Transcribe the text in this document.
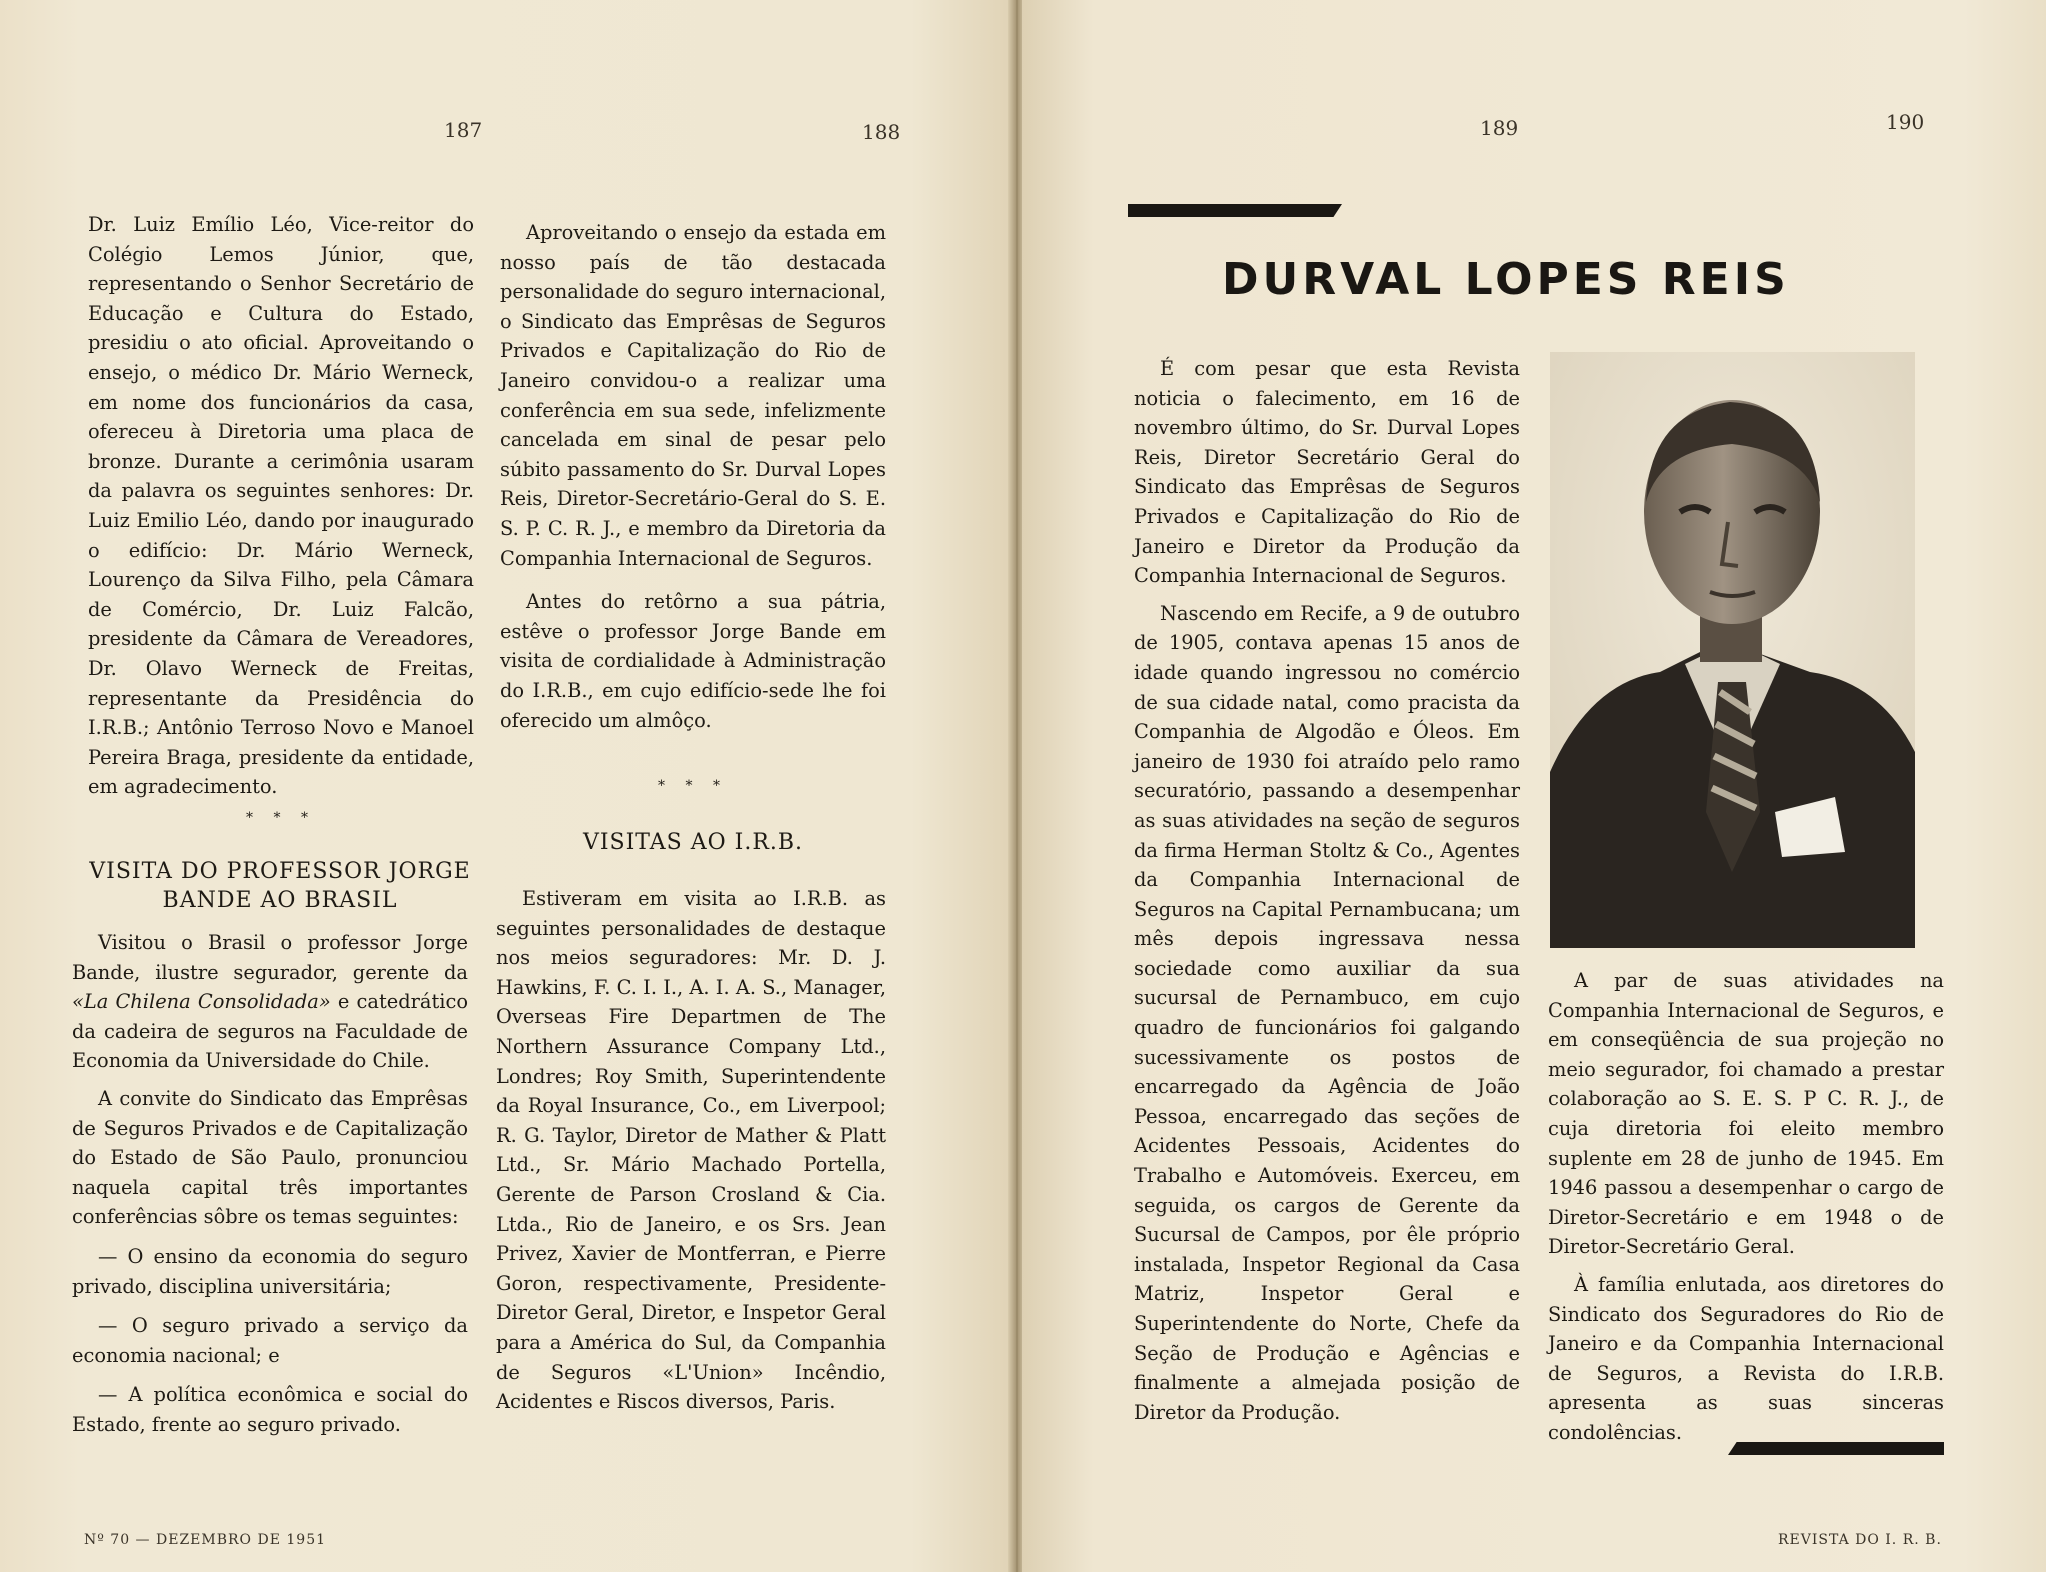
187	188

Dr. Luiz Emílio Léo, Vice-reitor do Colégio Lemos Júnior, que, representando o Senhor Secretário de Educação e Cultura do Estado, presidiu o ato oficial. Aproveitando o ensejo, o médico Dr. Mário Werneck, em nome dos funcionários da casa, ofereceu à Diretoria uma placa de bronze. Durante a cerimônia usaram da palavra os seguintes senhores: Dr. Luiz Emilio Léo, dando por inaugurado o edifício: Dr. Mário Werneck, Lourenço da Silva Filho, pela Câmara de Comércio, Dr. Luiz Falcão, presidente da Câmara de Vereadores, Dr. Olavo Werneck de Freitas, representante da Presidência do I.R.B.; Antônio Terroso Novo e Manoel Pereira Braga, presidente da entidade, em agradecimento.

* * *
VISITA DO PROFESSOR JORGE BANDE AO BRASIL

Visitou o Brasil o professor Jorge Bande, ilustre segurador, gerente da «La Chilena Consolidada» e catedrático da cadeira de seguros na Faculdade de Economia da Universidade do Chile.

A convite do Sindicato das Emprêsas de Seguros Privados e de Capitalização do Estado de São Paulo, pronunciou naquela capital três importantes conferências sôbre os temas seguintes:

— O ensino da economia do seguro privado, disciplina universitária;

— O seguro privado a serviço da economia nacional; e

— A política econômica e social do Estado, frente ao seguro privado.

Aproveitando o ensejo da estada em nosso país de tão destacada personalidade do seguro internacional, o Sindicato das Emprêsas de Seguros Privados e Capitalização do Rio de Janeiro convidou-o a realizar uma conferência em sua sede, infelizmente cancelada em sinal de pesar pelo súbito passamento do Sr. Durval Lopes Reis, Diretor-Secretário-Geral do S. E. S. P. C. R. J., e membro da Diretoria da Companhia Internacional de Seguros.

Antes do retôrno a sua pátria, estêve o professor Jorge Bande em visita de cordialidade à Administração do I.R.B., em cujo edifício-sede lhe foi oferecido um almôço.

* * *
VISITAS AO I.R.B.

Estiveram em visita ao I.R.B. as seguintes personalidades de destaque nos meios seguradores: Mr. D. J. Hawkins, F. C. I. I., A. I. A. S., Manager, Overseas Fire Departmen de The Northern Assurance Company Ltd., Londres; Roy Smith, Superintendente da Royal Insurance, Co., em Liverpool; R. G. Taylor, Diretor de Mather & Platt Ltd., Sr. Mário Machado Portella, Gerente de Parson Crosland & Cia. Ltda., Rio de Janeiro, e os Srs. Jean Privez, Xavier de Montferran, e Pierre Goron, respectivamente, Presidente-Diretor Geral, Diretor, e Inspetor Geral para a América do Sul, da Companhia de Seguros «L'Union» Incêndio, Acidentes e Riscos diversos, Paris.

Nº 70 — DEZEMBRO DE 1951
189	190
REVISTA DO I. R. B.
DURVAL LOPES REIS

É com pesar que esta Revista noticia o falecimento, em 16 de novembro último, do Sr. Durval Lopes Reis, Diretor Secretário Geral do Sindicato das Emprêsas de Seguros Privados e Capitalização do Rio de Janeiro e Diretor da Produção da Companhia Internacional de Seguros.

Nascendo em Recife, a 9 de outubro de 1905, contava apenas 15 anos de idade quando ingressou no comércio de sua cidade natal, como pracista da Companhia de Algodão e Óleos. Em janeiro de 1930 foi atraído pelo ramo securatório, passando a desempenhar as suas atividades na seção de seguros da firma Herman Stoltz & Co., Agentes da Companhia Internacional de Seguros na Capital Pernambucana; um mês depois ingressava nessa sociedade como auxiliar da sua sucursal de Pernambuco, em cujo quadro de funcionários foi galgando sucessivamente os postos de encarregado da Agência de João Pessoa, encarregado das seções de Acidentes Pessoais, Acidentes do Trabalho e Automóveis. Exerceu, em seguida, os cargos de Gerente da Sucursal de Campos, por êle próprio instalada, Inspetor Regional da Casa Matriz, Inspetor Geral e Superintendente do Norte, Chefe da Seção de Produção e Agências e finalmente a almejada posição de Diretor da Produção.

A par de suas atividades na Companhia Internacional de Seguros, e em conseqüência de sua projeção no meio segurador, foi chamado a prestar colaboração ao S. E. S. P C. R. J., de cuja diretoria foi eleito membro suplente em 28 de junho de 1945. Em 1946 passou a desempenhar o cargo de Diretor-Secretário e em 1948 o de Diretor-Secretário Geral.

À família enlutada, aos diretores do Sindicato dos Seguradores do Rio de Janeiro e da Companhia Internacional de Seguros, a Revista do I.R.B. apresenta as suas sinceras condolências.
